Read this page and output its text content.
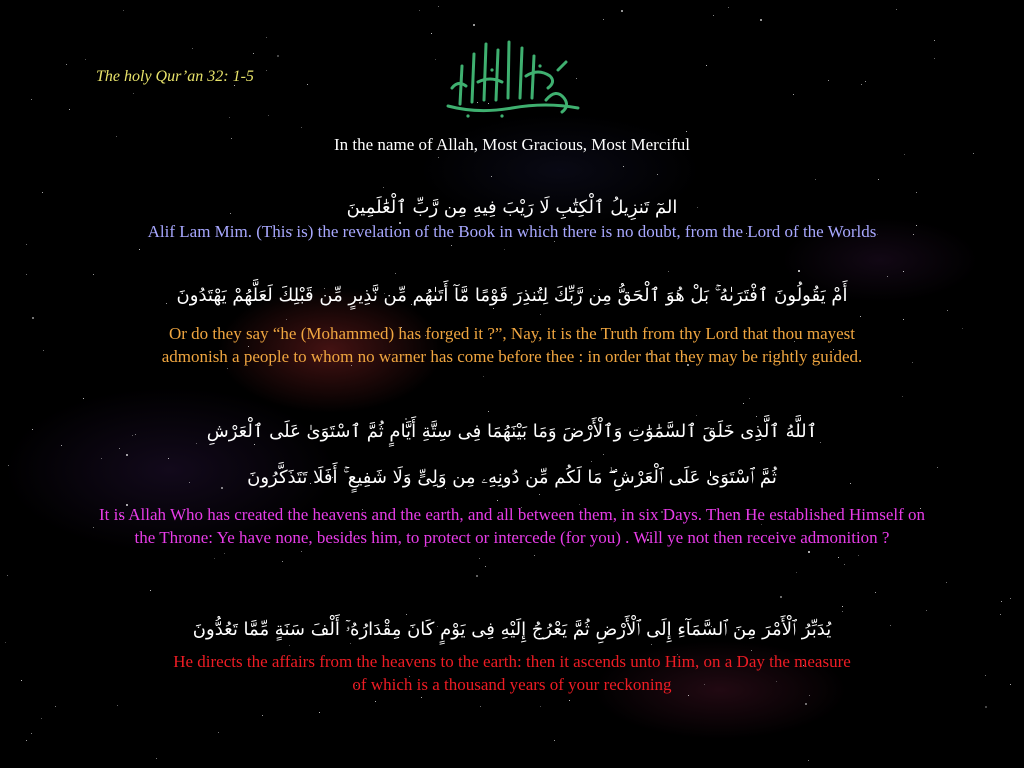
The holy Qur’an 32: 1-5
In the name of Allah, Most Gracious, Most Merciful
المٓ تَنزِيلُ ٱلْكِتَٰبِ لَا رَيْبَ فِيهِ مِن رَّبِّ ٱلْعَٰلَمِينَ
Alif Lam Mim. (This is) the revelation of the Book in which there is no doubt, from the Lord of the Worlds
أَمْ يَقُولُونَ ٱفْتَرَىٰهُ ۚ بَلْ هُوَ ٱلْحَقُّ مِن رَّبِّكَ لِتُنذِرَ قَوْمًا مَّآ أَتَىٰهُم مِّن نَّذِيرٍ مِّن قَبْلِكَ لَعَلَّهُمْ يَهْتَدُونَ
Or do they say “he (Mohammed) has forged it ?”, Nay, it is the Truth from thy Lord that thou mayest
admonish a people to whom no warner has come before thee : in order that they may be rightly guided.
ٱللَّهُ ٱلَّذِى خَلَقَ ٱلسَّمَٰوَٰتِ وَٱلْأَرْضَ وَمَا بَيْنَهُمَا فِى سِتَّةِ أَيَّامٍ ثُمَّ ٱسْتَوَىٰ عَلَى ٱلْعَرْشِ
ثُمَّ ٱسْتَوَىٰ عَلَى ٱلْعَرْشِ ۖ مَا لَكُم مِّن دُونِهِۦ مِن وَلِىٍّ وَلَا شَفِيعٍ ۚ أَفَلَا تَتَذَكَّرُونَ
It is Allah Who has created the heavens and the earth, and all between them, in six Days. Then He established Himself on
the Throne: Ye have none, besides him, to protect or intercede (for you) . Will ye not then receive admonition ?
يُدَبِّرُ ٱلْأَمْرَ مِنَ ٱلسَّمَآءِ إِلَى ٱلْأَرْضِ ثُمَّ يَعْرُجُ إِلَيْهِ فِى يَوْمٍ كَانَ مِقْدَارُهُۥٓ أَلْفَ سَنَةٍ مِّمَّا تَعُدُّونَ
He directs the affairs from the heavens to the earth: then it ascends unto Him, on a Day the measure
of which is a thousand years of your reckoning
